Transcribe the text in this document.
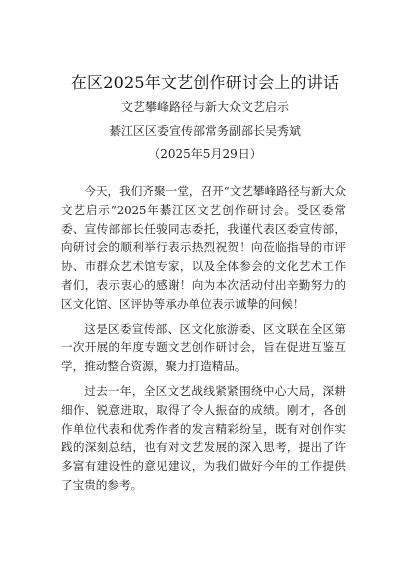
在区2025年文艺创作研讨会上的讲话
文艺攀峰路径与新大众文艺启示
綦江区区委宣传部常务副部长吴秀斌
（2025年5月29日）

今天，我们齐聚一堂，召开“文艺攀峰路径与新大众文艺启示”2025年綦江区文艺创作研讨会。受区委常委、宣传部部长任骏同志委托，我谨代表区委宣传部，向研讨会的顺利举行表示热烈祝贺！向莅临指导的市评协、市群众艺术馆专家，以及全体参会的文化艺术工作者们，表示衷心的感谢！向为本次活动付出辛勤努力的区文化馆、区评协等承办单位表示诚挚的问候！

这是区委宣传部、区文化旅游委、区文联在全区第一次开展的年度专题文艺创作研讨会，旨在促进互鉴互学，推动整合资源，聚力打造精品。

过去一年，全区文艺战线紧紧围绕中心大局，深耕细作、锐意进取，取得了令人振奋的成绩。刚才，各创作单位代表和优秀作者的发言精彩纷呈，既有对创作实践的深刻总结，也有对文艺发展的深入思考，提出了许多富有建设性的意见建议，为我们做好今年的工作提供了宝贵的参考。
